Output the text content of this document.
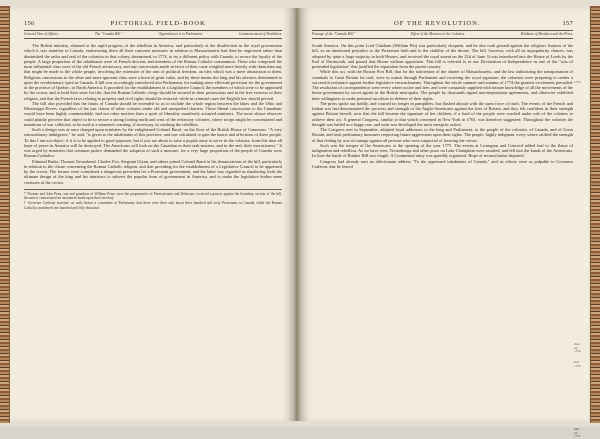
156	PICTORIAL FIELD-BOOK
General View of Affairs.	The "Canada Bill."	Opposition to it in Parliament.	Commencement of Hostilities.

The British ministry, alarmed at the rapid progress of the rebellion in America, and particularly at the disaffection in the royal government which it was manifest in Canada, endeavoring there all their concerns measures in relation to Massachusetts had then be engrossed rather than diminished the ardor and zeal of the colonists in that colony, determined, in 1774, to try a different policy with Canada, to secure the loyalty of the people. A large proportion of the inhabitants were of French descent, and members of the Roman Catholic communion. These who composed the most influential class were of the old French aristocracy, and any concessions made in favor of their caste weighed more heavily with them than any that might be made to the whole people, involving the extension of the arm of political freedom, an idea which was a mere abstraction to them. Religious concessions to the other and more ignorant class were a boon of great value, and by these means the king and his advisers determined to quiet the revolutionary spirit in Canada. A bill was accordingly introduced into Parliament, for making more effectual provision for the government of the province of Quebec, in North America. It provided for the establishment of a Legislative Council, the members of which were to be appointed by the crown, and to hold their seats for life; that the Roman Catholic clergy should be secured in their possessions and in the free exercise of their religion, and that the French laws relating to property and civil rights should be restored; while in criminal cases the English law should prevail.

The bill also provided that the limits of Canada should be extended so as to include the whole region between the lakes and the Ohio and Mississippi Rivers, regardless of the just claims of other colonies under old and unrepealed charters. These liberal concessions to the Canadians would have been highly commendable, had not other motives than a spirit of liberality manifestly actuated ministers. The most obtuse observer could plainly perceive that object to be to secure a strong footing north and west of the refractory colonies, where troops might be concentrated and munitions of war collected, to be used at a moment's warning, if necessary, in crushing the rebellion.

Such a design was at once charged upon ministers by the enlightened Colonel Barré, on the floor of the British House of Commons. "A very extraordinary indulgence," he said, "is given to the inhabitants of this province, and one calculated to gain the hearts and affections of these people. To this I am not object, if it is to be applied to good purposes; but if you are about to raise a popish army to serve in the colonies, from this time all hope of peace in America will be destroyed. The Americans will look on the Canadian as their task-masters, and in the end, their executioners." It was urged by ministers that common justice demanded the adoption of such a measure, for a very large proportion of the people of Canada were Roman Catholics.

Edmund Burke, Thomas Townshend, Charles Fox, Sergeant Glynn, and others joined Colonel Barré in his denunciations of the bill, particularly in relation to the clause concerning the Roman Catholic religion, and that providing for the establishment of a Legislative Council to be appointed by the crown. The former were considered a dangerous precedent for a Protestant government, and the latter was regarded as shadowing forth the ultimate design of the king and his ministers to subvert the popular form of government in America, and to make the legislative bodies mere creatures of the crown.

* Thomas and John Penn, son and grandson of William Penn, were the proprietaries of Pennsylvania and Delaware, received a protest against the boundary section of the bill, because it contravened an enactment made upon their territory.

† Governor Carleton asserted, on oath, before a committee of Parliament, that there were then only about three hundred and sixty Protestants in Canada, while the Roman Catholics numbered one hundred and fifty thousand.

OF THE REVOLUTION.	157
Passage of the "Canada Bill."	Effect of the Measure in the Colonies.	Boldness of Members and the Press.
1774.
June 22, 1774.
Oct. 1775.
May 29, 1775.

South America. On this point Lord Chatham (William Pitt) was particularly eloquent, and he also took ground against the religious features of the bill, as an intentional prejudice to the Protestant faith and to the stability of the throne. The bill, however, with all its unpopularity clauses, was adopted by quite a large majority in both Houses, and received the royal assent on the 22d of June. It was introduced into the House of Lords by the Earl of Dartmouth, and passed that House without opposition. This bill is referred to in our Declaration of Independence as one of the "acts of pretended legislation" that justified the separation from the parent country.

While this act, with the Boston Port Bill, that for the subversion of the charter of Massachusetts, and the law authorizing the transportation of criminals to Great Britain for trial, were in transit through Parliament and receiving the royal signature, the colonists were preparing to render a successful resistance against further legislative encroachments. Throughout the whole summer and autumn of 1774 the greatest excitement prevailed. The resolution of correspondence were every where active and free, and were constantly supplied with minute knowledge of all the movements of the home government by secret agents in the British metropolis. The people by thousands signed non-importation agreements, and otherwise exhibited their willingness to make personal sacrifices in defense of their rights.

The press spoke out boldly, and courted no longer in pamphlets, but flashed abroad with the open force of truth. The events of the French and Indian war had demonstrated the prowess and strength of the Anglo-Americans against the foes of Britain, and they felt confident in their strength against Britain herself, now that the bill became the signature of her children, if a fued of the people were crushed under rule of the colonies to achieve their act. A general Congress, similar to that which convened in New York in 1765, was therefore suggested. Throughout the colonies the thought was hailed as a happy one, and soon was developed the most energetic action.

The Congress met in September, adopted loyal addresses to the king and Parliament, to the people of the colonies, of Canada, and of Great Britain, and took preliminary measures respecting future aggressions upon their rights. The people, highly indignant, every where ratified the strength of that feeling by acts of outrage against all persons who were suspected of favoring the crown.

Such was the temper of the Americans at the opening of the year 1775. The events at Lexington and Concord added fuel to the flame of indignation and rebellion. As we have seen, Ticonderoga and other posts on Lake Champlain were assailed, and fell into the hands of the Americans. In June the battle of Bunker Hill was fought. A Continental army was speedily organized. Hope of reconciliation departed.

Congress had already sent an affectionate address "To the oppressed inhabitants of Canada," and its efforts were so palpable to Governor Carleton, that he feared
